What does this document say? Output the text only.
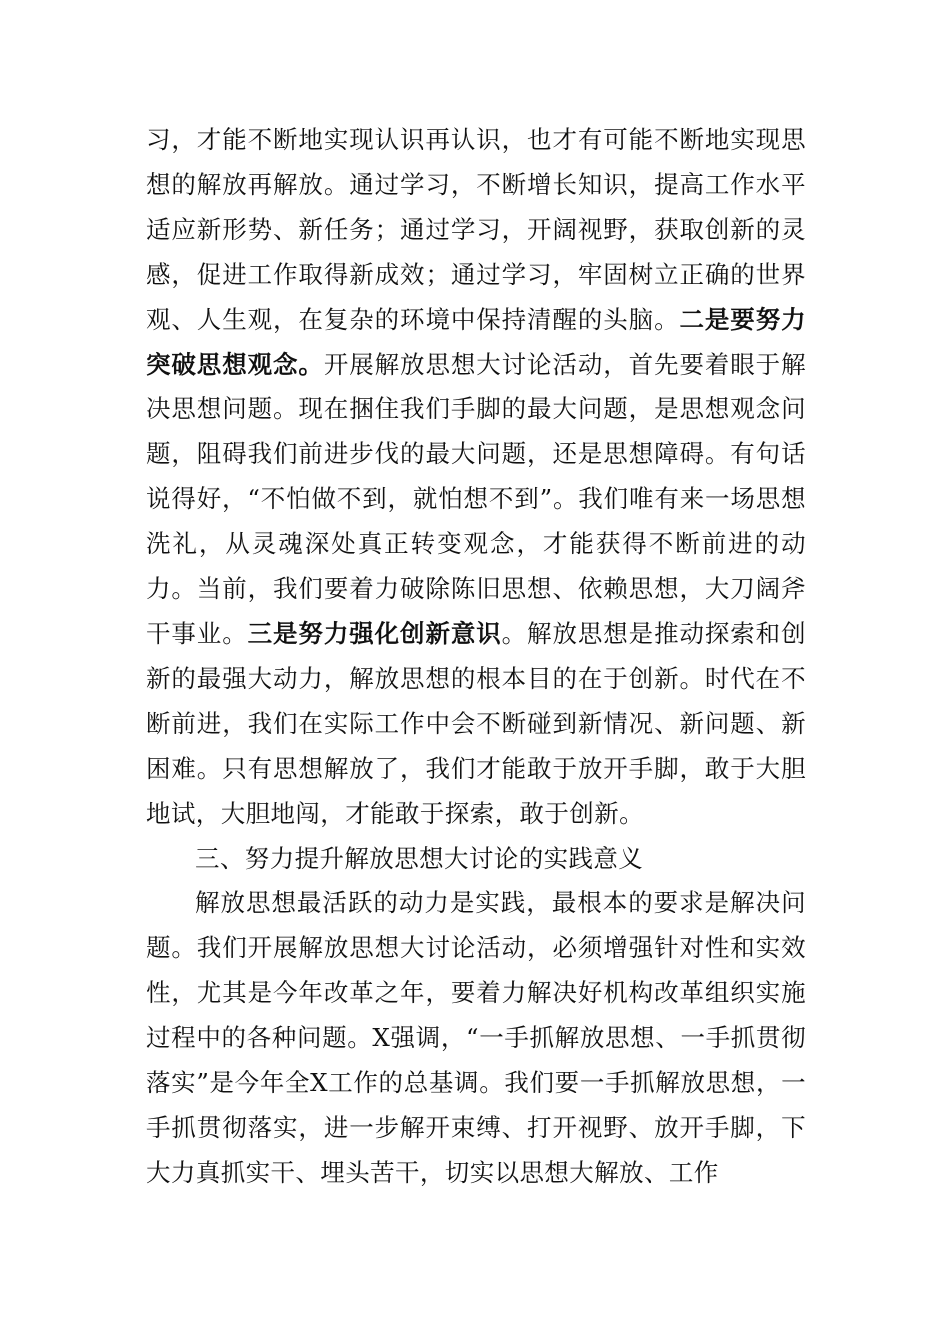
习，才能不断地实现认识再认识，也才有可能不断地实现思想的解放再解放。通过学习，不断增长知识，提高工作水平适应新形势、新任务；通过学习，开阔视野，获取创新的灵感，促进工作取得新成效；通过学习，牢固树立正确的世界观、人生观，在复杂的环境中保持清醒的头脑。二是要努力突破思想观念。开展解放思想大讨论活动，首先要着眼于解决思想问题。现在捆住我们手脚的最大问题，是思想观念问题，阻碍我们前进步伐的最大问题，还是思想障碍。有句话说得好，“不怕做不到，就怕想不到”。我们唯有来一场思想洗礼，从灵魂深处真正转变观念，才能获得不断前进的动力。当前，我们要着力破除陈旧思想、依赖思想，大刀阔斧干事业。三是努力强化创新意识。解放思想是推动探索和创新的最强大动力，解放思想的根本目的在于创新。时代在不断前进，我们在实际工作中会不断碰到新情况、新问题、新困难。只有思想解放了，我们才能敢于放开手脚，敢于大胆地试，大胆地闯，才能敢于探索，敢于创新。

三、努力提升解放思想大讨论的实践意义

解放思想最活跃的动力是实践，最根本的要求是解决问题。我们开展解放思想大讨论活动，必须增强针对性和实效性，尤其是今年改革之年，要着力解决好机构改革组织实施过程中的各种问题。X强调，“一手抓解放思想、一手抓贯彻落实”是今年全X工作的总基调。我们要一手抓解放思想，一手抓贯彻落实，进一步解开束缚、打开视野、放开手脚，下大力真抓实干、埋头苦干，切实以思想大解放、工作
